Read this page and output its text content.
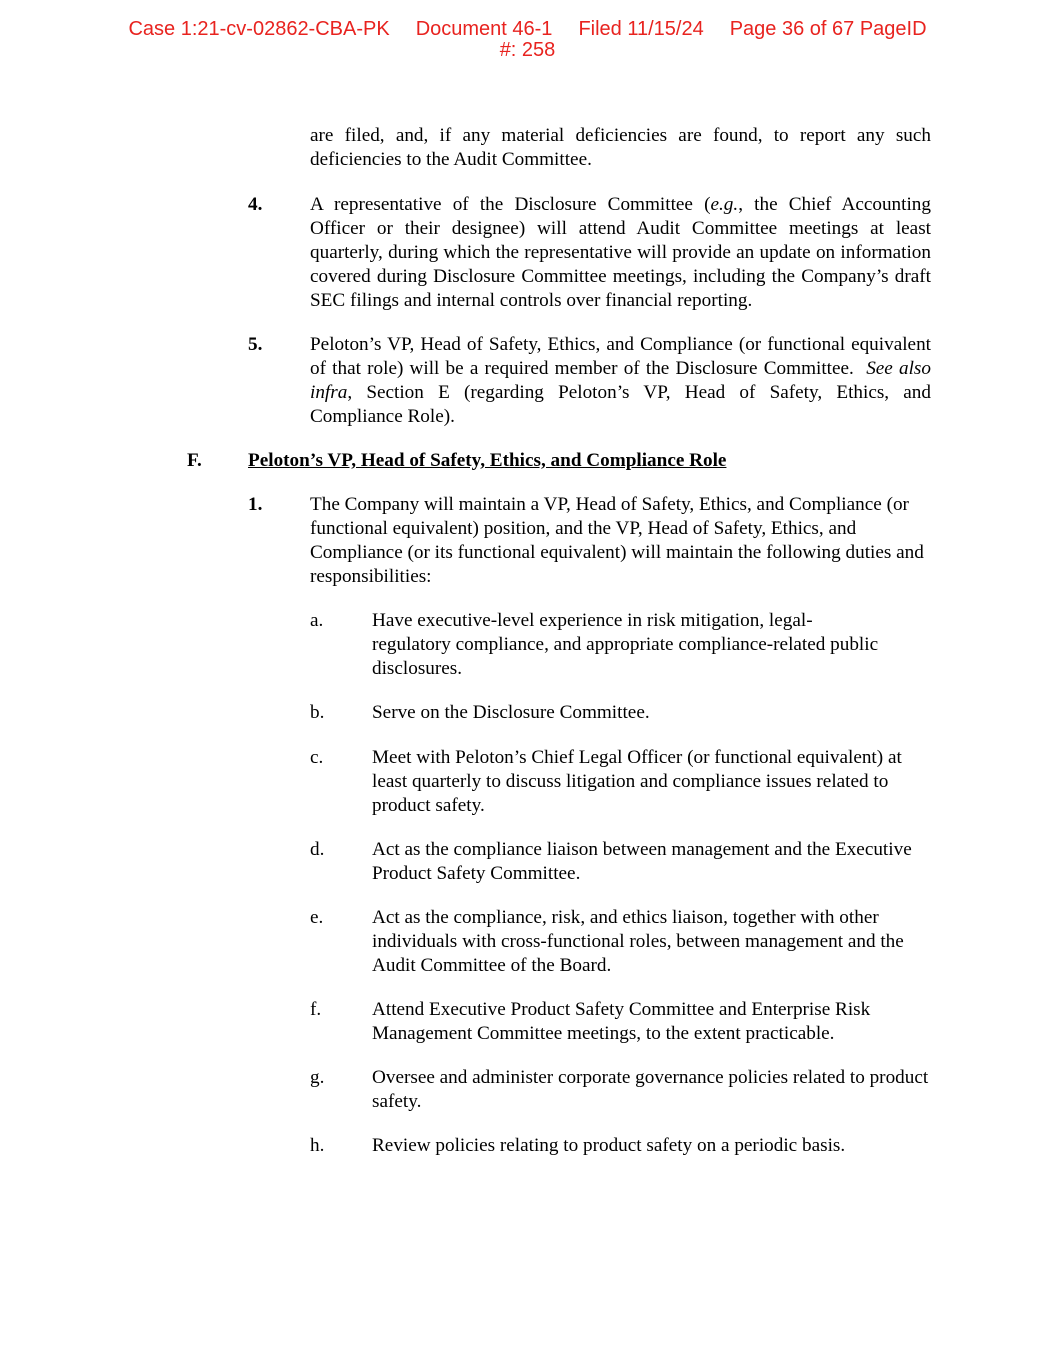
Case 1:21-cv-02862-CBA-PK Document 46-1 Filed 11/15/24 Page 36 of 67 PageID
#: 258

are filed, and, if any material deficiencies are found, to report any such deficiencies to the Audit Committee.

4. A representative of the Disclosure Committee (e.g., the Chief Accounting Officer or their designee) will attend Audit Committee meetings at least quarterly, during which the representative will provide an update on information covered during Disclosure Committee meetings, including the Company’s draft SEC filings and internal controls over financial reporting.

5. Peloton’s VP, Head of Safety, Ethics, and Compliance (or functional equivalent of that role) will be a required member of the Disclosure Committee.  See also infra, Section E (regarding Peloton’s VP, Head of Safety, Ethics, and Compliance Role).

F. Peloton’s VP, Head of Safety, Ethics, and Compliance Role
1. The Company will maintain a VP, Head of Safety, Ethics, and Compliance (or functional equivalent) position, and the VP, Head of Safety, Ethics, and Compliance (or its functional equivalent) will maintain the following duties and responsibilities:

a.	Have executive-level experience in risk mitigation, legal-
regulatory compliance, and appropriate compliance-related public disclosures.

b. Serve on the Disclosure Committee.

c.	Meet with Peloton’s Chief Legal Officer (or functional equivalent) at least quarterly to discuss litigation and compliance issues related to product safety.

d. Act as the compliance liaison between management and the Executive Product Safety Committee.

e.	Act as the compliance, risk, and ethics liaison, together with other individuals with cross-functional roles, between management and the Audit Committee of the Board.

f.	Attend Executive Product Safety Committee and Enterprise Risk Management Committee meetings, to the extent practicable.

g. Oversee and administer corporate governance policies related to product safety.

h. Review policies relating to product safety on a periodic basis.
